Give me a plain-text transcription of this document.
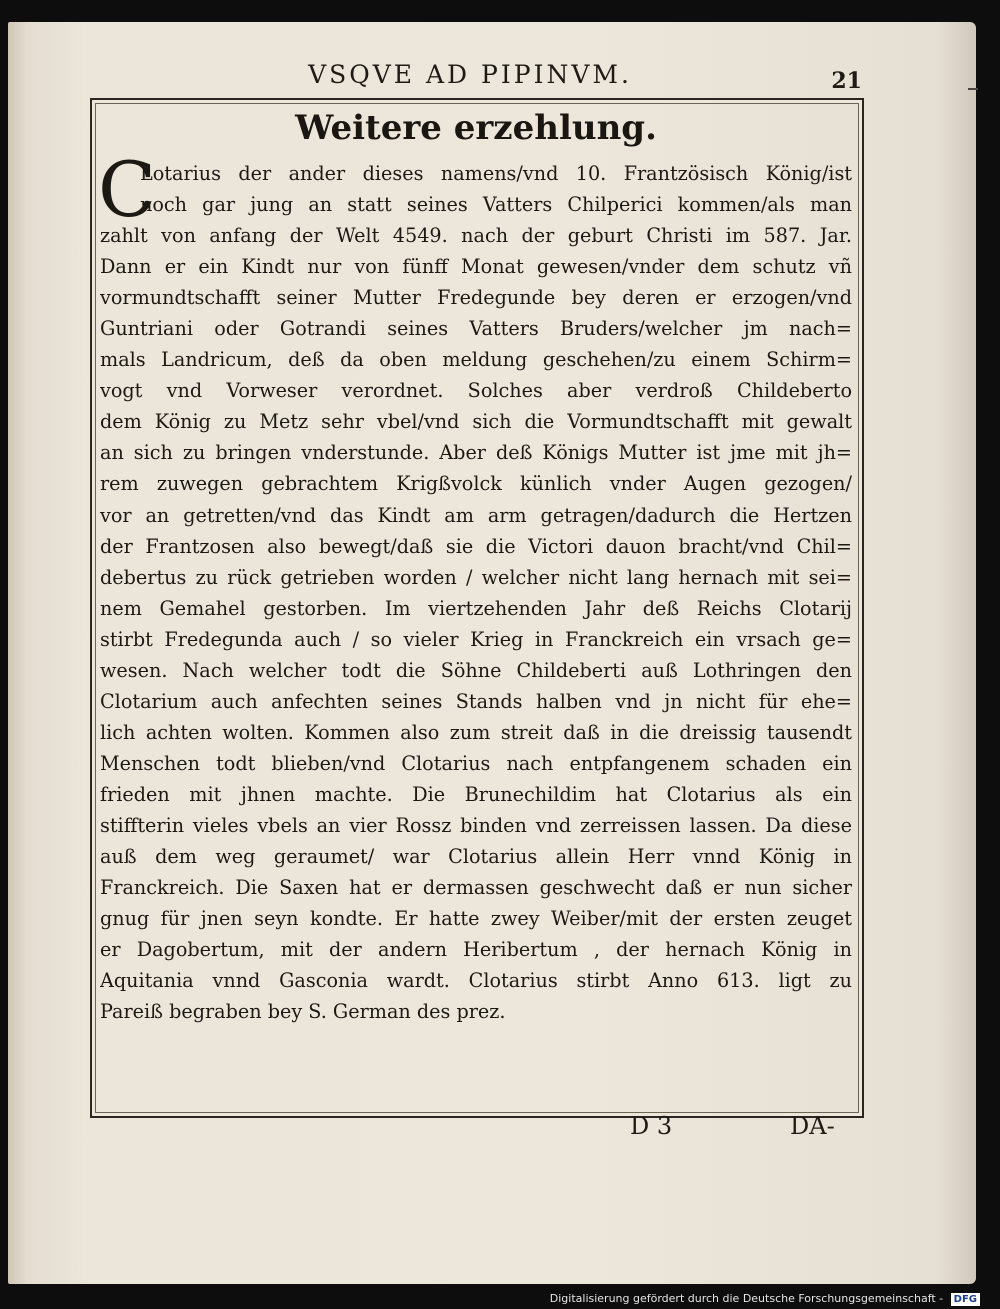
VSQVE AD PIPINVM.	21
Weitere erzehlung.
C
Lotarius der ander dieses namens/vnd 10. Frantzösisch König/ist
noch gar jung an statt seines Vatters Chilperici kommen/als man
zahlt von anfang der Welt 4549. nach der geburt Christi im 587. Jar.
Dann er ein Kindt nur von fünff Monat gewesen/vnder dem schutz vñ
vormundtschafft seiner Mutter Fredegunde bey deren er erzogen/vnd
Guntriani oder Gotrandi seines Vatters Bruders/welcher jm nach=
mals Landricum, deß da oben meldung geschehen/zu einem Schirm=
vogt vnd Vorweser verordnet. Solches aber verdroß Childeberto
dem König zu Metz sehr vbel/vnd sich die Vormundtschafft mit gewalt
an sich zu bringen vnderstunde. Aber deß Königs Mutter ist jme mit jh=
rem zuwegen gebrachtem Krigßvolck künlich vnder Augen gezogen/
vor an getretten/vnd das Kindt am arm getragen/dadurch die Hertzen
der Frantzosen also bewegt/daß sie die Victori dauon bracht/vnd Chil=
debertus zu rück getrieben worden / welcher nicht lang hernach mit sei=
nem Gemahel gestorben. Im viertzehenden Jahr deß Reichs Clotarij
stirbt Fredegunda auch / so vieler Krieg in Franckreich ein vrsach ge=
wesen. Nach welcher todt die Söhne Childeberti auß Lothringen den
Clotarium auch anfechten seines Stands halben vnd jn nicht für ehe=
lich achten wolten. Kommen also zum streit daß in die dreissig tausendt
Menschen todt blieben/vnd Clotarius nach entpfangenem schaden ein
frieden mit jhnen machte. Die Brunechildim hat Clotarius als ein
stiffterin vieles vbels an vier Rossz binden vnd zerreissen lassen. Da diese
auß dem weg geraumet/ war Clotarius allein Herr vnnd König in
Franckreich. Die Saxen hat er dermassen geschwecht daß er nun sicher
gnug für jnen seyn kondte. Er hatte zwey Weiber/mit der ersten zeuget
er Dagobertum, mit der andern Heribertum , der hernach König in
Aquitania vnnd Gasconia wardt. Clotarius stirbt Anno 613. ligt zu
Pareiß begraben bey S. German des prez.
D 3	DA-
Digitalisierung gefördert durch die Deutsche Forschungsgemeinschaft - DFG
